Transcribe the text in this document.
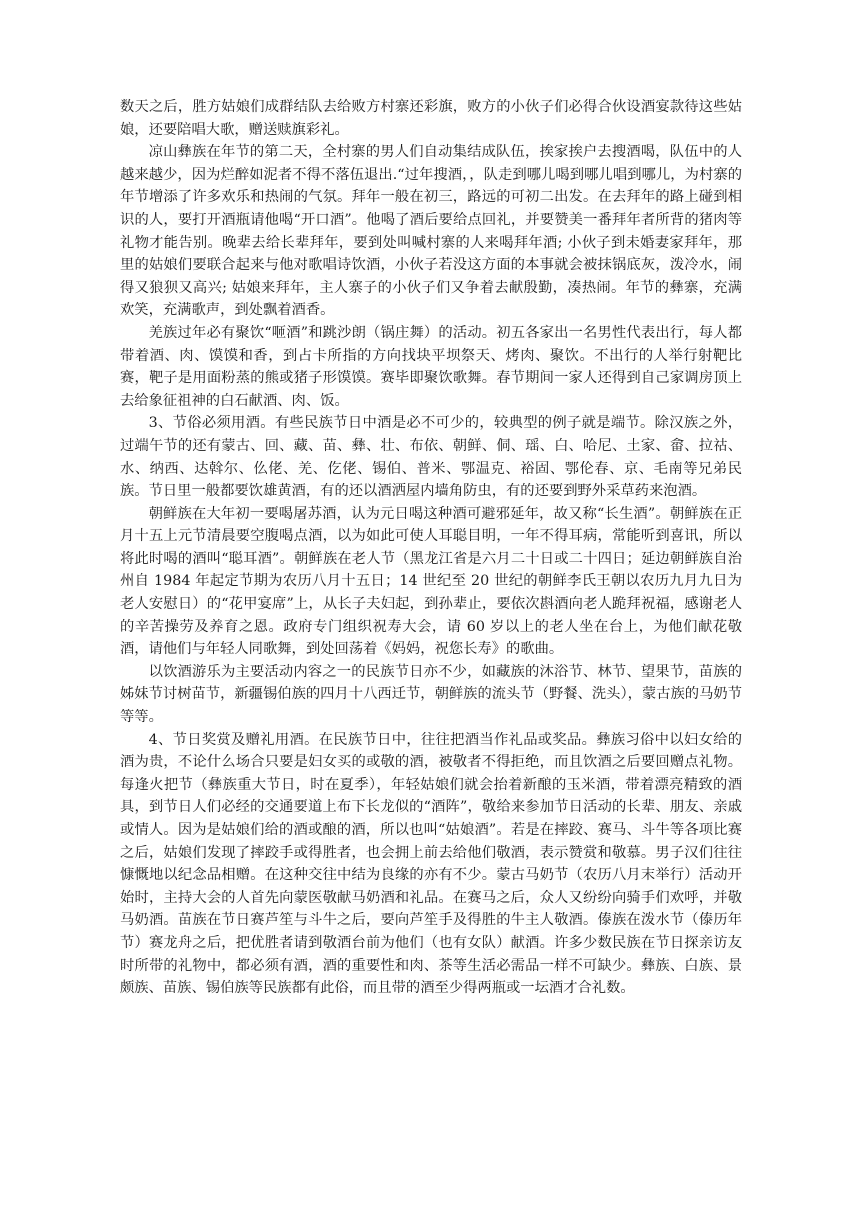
数天之后，胜方姑娘们成群结队去给败方村寨还彩旗，败方的小伙子们必得合伙设酒宴款待这些姑娘，还要陪唱大歌，赠送赎旗彩礼。

凉山彝族在年节的第二天，全村寨的男人们自动集结成队伍，挨家挨户去搜酒喝，队伍中的人越来越少，因为烂醉如泥者不得不落伍退出.“过年搜酒，，队走到哪儿喝到哪儿唱到哪儿，为村寨的年节增添了许多欢乐和热闹的气氛。拜年一般在初三，路远的可初二出发。在去拜年的路上碰到相识的人，要打开酒瓶请他喝“开口酒”。他喝了酒后要给点回礼，并要赞美一番拜年者所背的猪肉等礼物才能告别。晚辈去给长辈拜年，要到处叫喊村寨的人来喝拜年酒; 小伙子到未婚妻家拜年，那里的姑娘们要联合起来与他对歌唱诗饮酒，小伙子若没这方面的本事就会被抹锅底灰，泼冷水，闹得又狼狈又高兴; 姑娘来拜年，主人寨子的小伙子们又争着去献殷勤，凑热闹。年节的彝寨，充满欢笑，充满歌声，到处飘着酒香。

羌族过年必有聚饮“咂酒”和跳沙朗（锅庄舞）的活动。初五各家出一名男性代表出行，每人都带着酒、肉、馍馍和香，到占卡所指的方向找块平坝祭天、烤肉、聚饮。不出行的人举行射靶比赛，靶子是用面粉蒸的熊或猪子形馍馍。赛毕即聚饮歌舞。春节期间一家人还得到自己家调房顶上去给象征祖神的白石献酒、肉、饭。

3、节俗必须用酒。有些民族节日中酒是必不可少的，较典型的例子就是端节。除汉族之外，过端午节的还有蒙古、回、藏、苗、彝、壮、布依、朝鲜、侗、瑶、白、哈尼、土家、畲、拉祜、水、纳西、达斡尔、仫佬、羌、仡佬、锡伯、普米、鄂温克、裕固、鄂伦春、京、毛南等兄弟民族。节日里一般都要饮雄黄酒，有的还以酒洒屋内墙角防虫，有的还要到野外采草药来泡酒。

朝鲜族在大年初一要喝屠苏酒，认为元日喝这种酒可避邪延年，故又称“长生酒”。朝鲜族在正月十五上元节清晨要空腹喝点酒，以为如此可使人耳聪目明，一年不得耳病，常能听到喜讯，所以将此时喝的酒叫“聪耳酒”。朝鲜族在老人节（黑龙江省是六月二十日或二十四日；延边朝鲜族自治州自 1984 年起定节期为农历八月十五日；14 世纪至 20 世纪的朝鲜李氏王朝以农历九月九日为老人安慰日）的“花甲宴席”上，从长子夫妇起，到孙辈止，要依次斟酒向老人跪拜祝福，感谢老人的辛苦操劳及养育之恩。政府专门组织祝寿大会，请 60 岁以上的老人坐在台上，为他们献花敬酒，请他们与年轻人同歌舞，到处回荡着《妈妈，祝您长寿》的歌曲。

以饮酒游乐为主要活动内容之一的民族节日亦不少，如藏族的沐浴节、林节、望果节，苗族的姊妹节讨树苗节，新疆锡伯族的四月十八西迁节，朝鲜族的流头节（野餐、洗头），蒙古族的马奶节等等。

4、节日奖赏及赠礼用酒。在民族节日中，往往把酒当作礼品或奖品。彝族习俗中以妇女给的酒为贵，不论什么场合只要是妇女买的或敬的酒，被敬者不得拒绝，而且饮酒之后要回赠点礼物。每逢火把节（彝族重大节日，时在夏季），年轻姑娘们就会抬着新酿的玉米酒，带着漂亮精致的酒具，到节日人们必经的交通要道上布下长龙似的“酒阵”，敬给来参加节日活动的长辈、朋友、亲戚或情人。因为是姑娘们给的酒或酿的酒，所以也叫“姑娘酒”。若是在摔跤、赛马、斗牛等各项比赛之后，姑娘们发现了摔跤手或得胜者，也会拥上前去给他们敬酒，表示赞赏和敬慕。男子汉们往往慷慨地以纪念品相赠。在这种交往中结为良缘的亦有不少。蒙古马奶节（农历八月末举行）活动开始时，主持大会的人首先向蒙医敬献马奶酒和礼品。在赛马之后，众人又纷纷向骑手们欢呼，并敬马奶酒。苗族在节日赛芦笙与斗牛之后，要向芦笙手及得胜的牛主人敬酒。傣族在泼水节（傣历年节）赛龙舟之后，把优胜者请到敬酒台前为他们（也有女队）献酒。许多少数民族在节日探亲访友时所带的礼物中，都必须有酒，酒的重要性和肉、茶等生活必需品一样不可缺少。彝族、白族、景颇族、苗族、锡伯族等民族都有此俗，而且带的酒至少得两瓶或一坛酒才合礼数。
